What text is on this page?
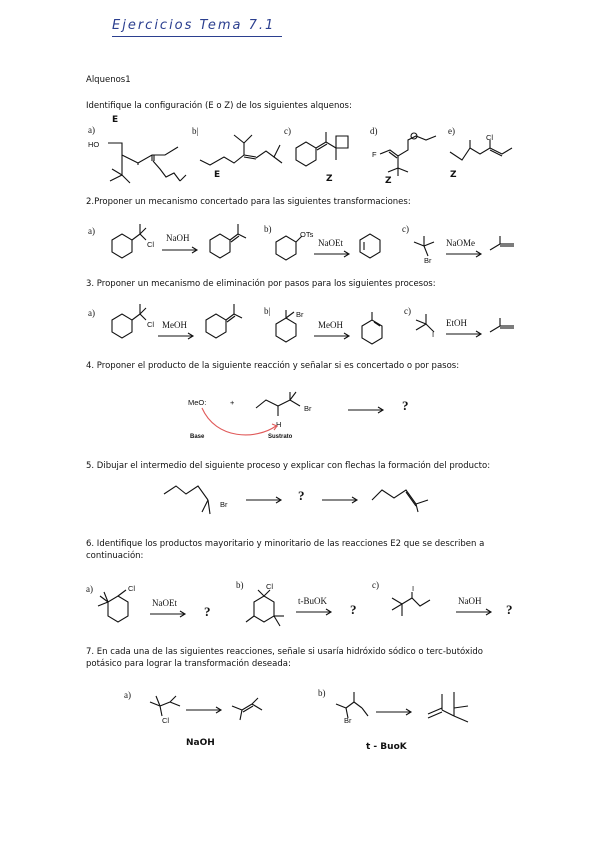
Ejercicios Tema 7.1
Alquenos1
Identifique la configuración (E o Z) de los siguientes alquenos:
E
a)
HO
b|
E
c)
Z
d)
F
Z
e)
Cl
Z
2.Proponer un mecanismo concertado para las siguientes transformaciones:
a)
Cl
NaOH
b)
OTs
NaOEt
c)
Br
NaOMe
3. Proponer un mecanismo de eliminación por pasos para los siguientes procesos:
a)
Cl MeOH
b|	Br
MeOH
c)
I
EtOH
4. Proponer el producto de la siguiente reacción y señalar si es concertado o por pasos:
MeO:	+
Br
H
Base	Sustrato
?
5. Dibujar el intermedio del siguiente proceso y explicar con flechas la formación del producto:
Br
?
6. Identifique los productos mayoritario y minoritario de las reacciones E2 que se describen a continuación:
a)	Cl
NaOEt
?
b)	Cl
t-BuOK
?
c)	I
NaOH
?
7. En cada una de las siguientes reacciones, señale si usaría hidróxido sódico o terc-butóxido potásico para lograr la transformación deseada:
a)
Cl
NaOH
b)
Br
t - BuoK
